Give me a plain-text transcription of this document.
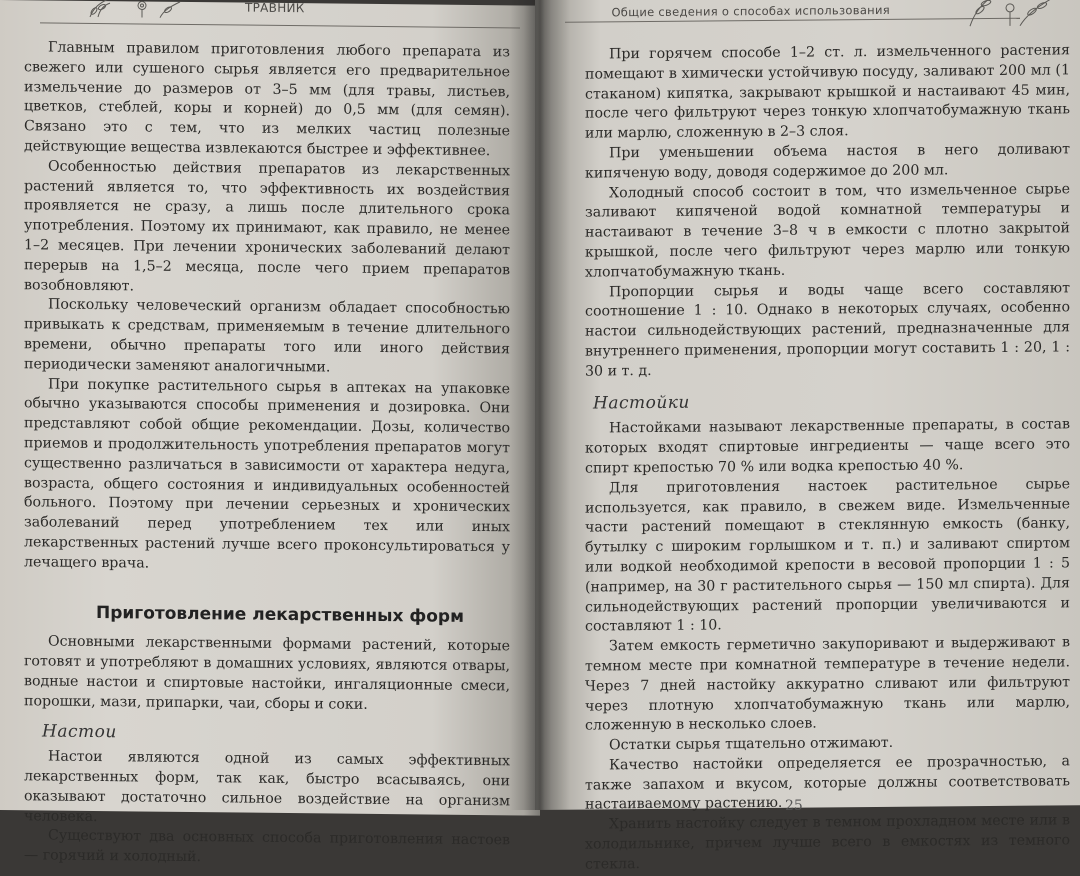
ТРАВНИК

Главным правилом приготовления любого препарата из свежего или сушеного сырья является его предварительное измельчение до размеров от 3–5 мм (для травы, листьев, цветков, стеблей, коры и корней) до 0,5 мм (для семян). Связано это с тем, что из мелких частиц полезные действующие вещества извлекаются быстрее и эффективнее.

Особенностью действия препаратов из лекарственных растений является то, что эффективность их воздействия проявляется не сразу, а лишь после длительного срока употребления. Поэтому их принимают, как правило, не менее 1–2 месяцев. При лечении хронических заболеваний делают перерыв на 1,5–2 месяца, после чего прием препаратов возобновляют.

Поскольку человеческий организм обладает способностью привыкать к средствам, применяемым в течение длительного времени, обычно препараты того или иного действия периодически заменяют аналогичными.

При покупке растительного сырья в аптеках на упаковке обычно указываются способы применения и дозировка. Они представляют собой общие рекомендации. Дозы, количество приемов и продолжительность употребления препаратов могут существенно различаться в зависимости от характера недуга, возраста, общего состояния и индивидуальных особенностей больного. Поэтому при лечении серьезных и хронических заболеваний перед употреблением тех или иных лекарственных растений лучше всего проконсультироваться у лечащего врача.

Приготовление лекарственных форм

Основными лекарственными формами растений, которые готовят и употребляют в домашних условиях, являются отвары, водные настои и спиртовые настойки, ингаляционные смеси, порошки, мази, припарки, чаи, сборы и соки.

Настои

Настои являются одной из самых эффективных лекарственных форм, так как, быстро всасываясь, они оказывают достаточно сильное воздействие на организм человека.

Существуют два основных способа приготовления настоев — горячий и холодный.

Общие сведения о способах использования

При горячем способе 1–2 ст. л. измельченного растения помещают в химически устойчивую посуду, заливают 200 мл (1 стаканом) кипятка, закрывают крышкой и настаивают 45 мин, после чего фильтруют через тонкую хлопчатобумажную ткань или марлю, сложенную в 2–3 слоя.

При уменьшении объема настоя в него доливают кипяченую воду, доводя содержимое до 200 мл.

Холодный способ состоит в том, что измельченное сырье заливают кипяченой водой комнатной температуры и настаивают в течение 3–8 ч в емкости с плотно закрытой крышкой, после чего фильтруют через марлю или тонкую хлопчатобумажную ткань.

Пропорции сырья и воды чаще всего составляют соотношение 1 : 10. Однако в некоторых случаях, особенно настои сильнодействующих растений, предназначенные для внутреннего применения, пропорции могут составить 1 : 20, 1 : 30 и т. д.

Настойки

Настойками называют лекарственные препараты, в состав которых входят спиртовые ингредиенты — чаще всего это спирт крепостью 70 % или водка крепостью 40 %.

Для приготовления настоек растительное сырье используется, как правило, в свежем виде. Измельченные части растений помещают в стеклянную емкость (банку, бутылку с широким горлышком и т. п.) и заливают спиртом или водкой необходимой крепости в весовой пропорции 1 : 5 (например, на 30 г растительного сырья — 150 мл спирта). Для сильнодействующих растений пропорции увеличиваются и составляют 1 : 10.

Затем емкость герметично закупоривают и выдерживают в темном месте при комнатной температуре в течение недели. Через 7 дней настойку аккуратно сливают или фильтруют через плотную хлопчатобумажную ткань или марлю, сложенную в несколько слоев.

Остатки сырья тщательно отжимают.

Качество настойки определяется ее прозрачностью, а также запахом и вкусом, которые должны соответствовать настаиваемому растению.

Хранить настойку следует в темном прохладном месте или в холодильнике, причем лучше всего в емкостях из темного стекла.

25
